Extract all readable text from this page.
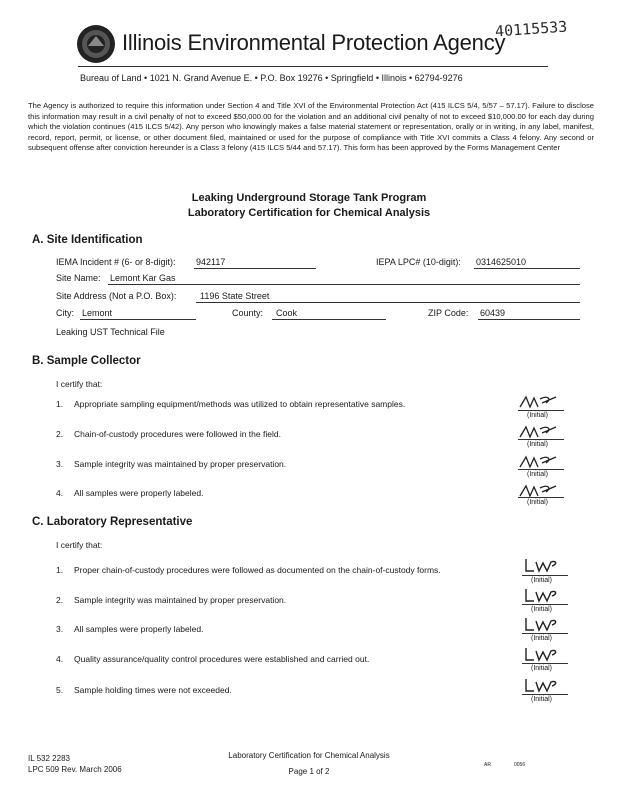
Illinois Environmental Protection Agency
40115533
Bureau of Land • 1021 N. Grand Avenue E. • P.O. Box 19276 • Springfield • Illinois • 62794-9276
The Agency is authorized to require this information under Section 4 and Title XVI of the Environmental Protection Act (415 ILCS 5/4, 5/57 – 57.17). Failure to disclose this information may result in a civil penalty of not to exceed $50,000.00 for the violation and an additional civil penalty of not to exceed $10,000.00 for each day during which the violation continues (415 ILCS 5/42). Any person who knowingly makes a false material statement or representation, orally or in writing, in any label, manifest, record, report, permit, or license, or other document filed, maintained or used for the purpose of compliance with Title XVI commits a Class 4 felony. Any second or subsequent offense after conviction hereunder is a Class 3 felony (415 ILCS 5/44 and 57.17). This form has been approved by the Forms Management Center
Leaking Underground Storage Tank Program
Laboratory Certification for Chemical Analysis
A. Site Identification
IEMA Incident # (6- or 8-digit): 942117	IEPA LPC# (10-digit): 0314625010
Site Name: Lemont Kar Gas
Site Address (Not a P.O. Box):	1196 State Street
City: Lemont	County: Cook	ZIP Code: 60439
Leaking UST Technical File
B. Sample Collector
I certify that:
1. Appropriate sampling equipment/methods was utilized to obtain representative samples.
2. Chain-of-custody procedures were followed in the field.
3. Sample integrity was maintained by proper preservation.
4. All samples were properly labeled.
(Initial)
(Initial)
(Initial)
(Initial)
C. Laboratory Representative
I certify that:
1. Proper chain-of-custody procedures were followed as documented on the chain-of-custody forms.
2. Sample integrity was maintained by proper preservation.
3. All samples were properly labeled.
4. Quality assurance/quality control procedures were established and carried out.
5. Sample holding times were not exceeded.
(Initial)
(Initial)
(Initial)
(Initial)
(Initial)
IL 532 2283
LPC 509 Rev. March 2006
Laboratory Certification for Chemical Analysis
Page 1 of 2
AR	0056
